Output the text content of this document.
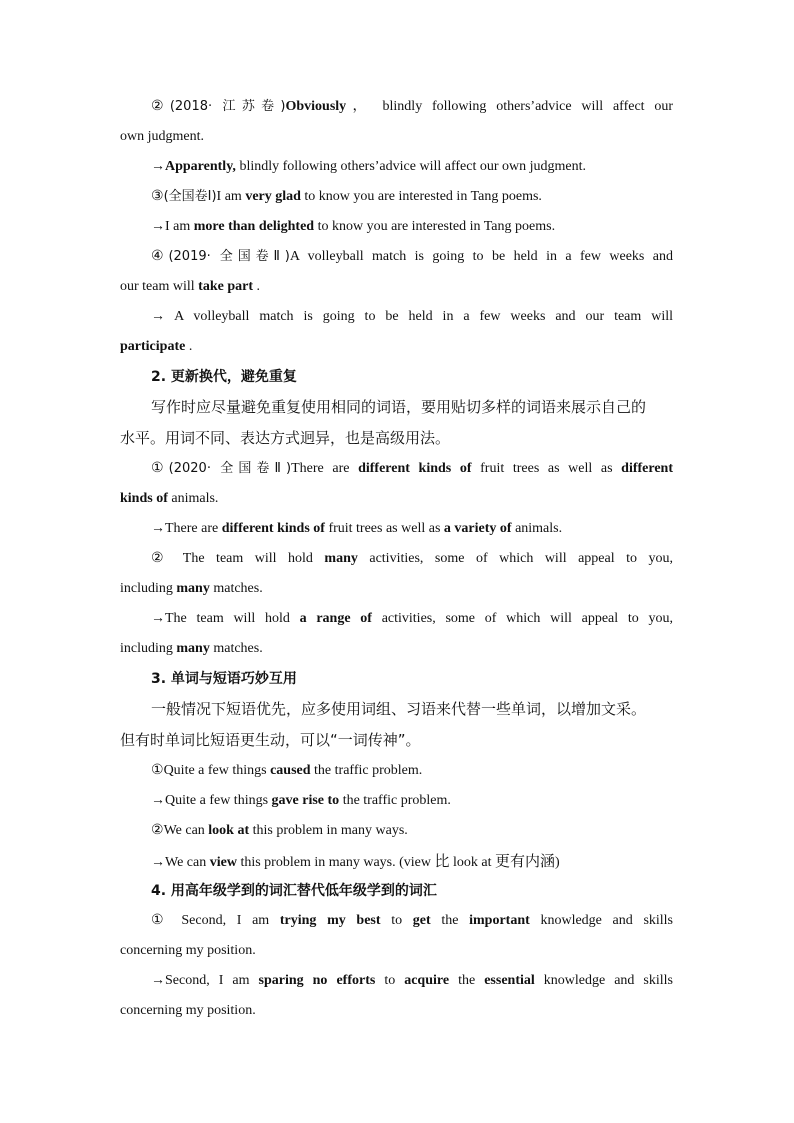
②(2018· 江苏卷)Obviously， blindly following others’advice will affect our
own judgment.
→Apparently, blindly following others’advice will affect our own judgment.
③(全国卷Ⅰ)I am very glad to know you are interested in Tang poems.
→I am more than delighted to know you are interested in Tang poems.
④(2019· 全国卷Ⅱ)A volleyball match is going to be held in a few weeks and
our team will take part .
→ A volleyball match is going to be held in a few weeks and our team will
participate .
2. 更新换代，避免重复
写作时应尽量避免重复使用相同的词语，要用贴切多样的词语来展示自己的
水平。用词不同、表达方式迥异，也是高级用法。
①(2020· 全国卷Ⅱ)There are different kinds of fruit trees as well as different
kinds of animals.
→There are different kinds of fruit trees as well as a variety of animals.
② The team will hold many activities, some of which will appeal to you,
including many matches.
→The team will hold a range of activities, some of which will appeal to you,
including many matches.
3. 单词与短语巧妙互用
一般情况下短语优先，应多使用词组、习语来代替一些单词，以增加文采。
但有时单词比短语更生动，可以“一词传神”。
①Quite a few things caused the traffic problem.
→Quite a few things gave rise to the traffic problem.
②We can look at this problem in many ways.
→We can view this problem in many ways. (view 比 look at 更有内涵)
4. 用高年级学到的词汇替代低年级学到的词汇
① Second, I am trying my best to get the important knowledge and skills
concerning my position.
→Second, I am sparing no efforts to acquire the essential knowledge and skills
concerning my position.
